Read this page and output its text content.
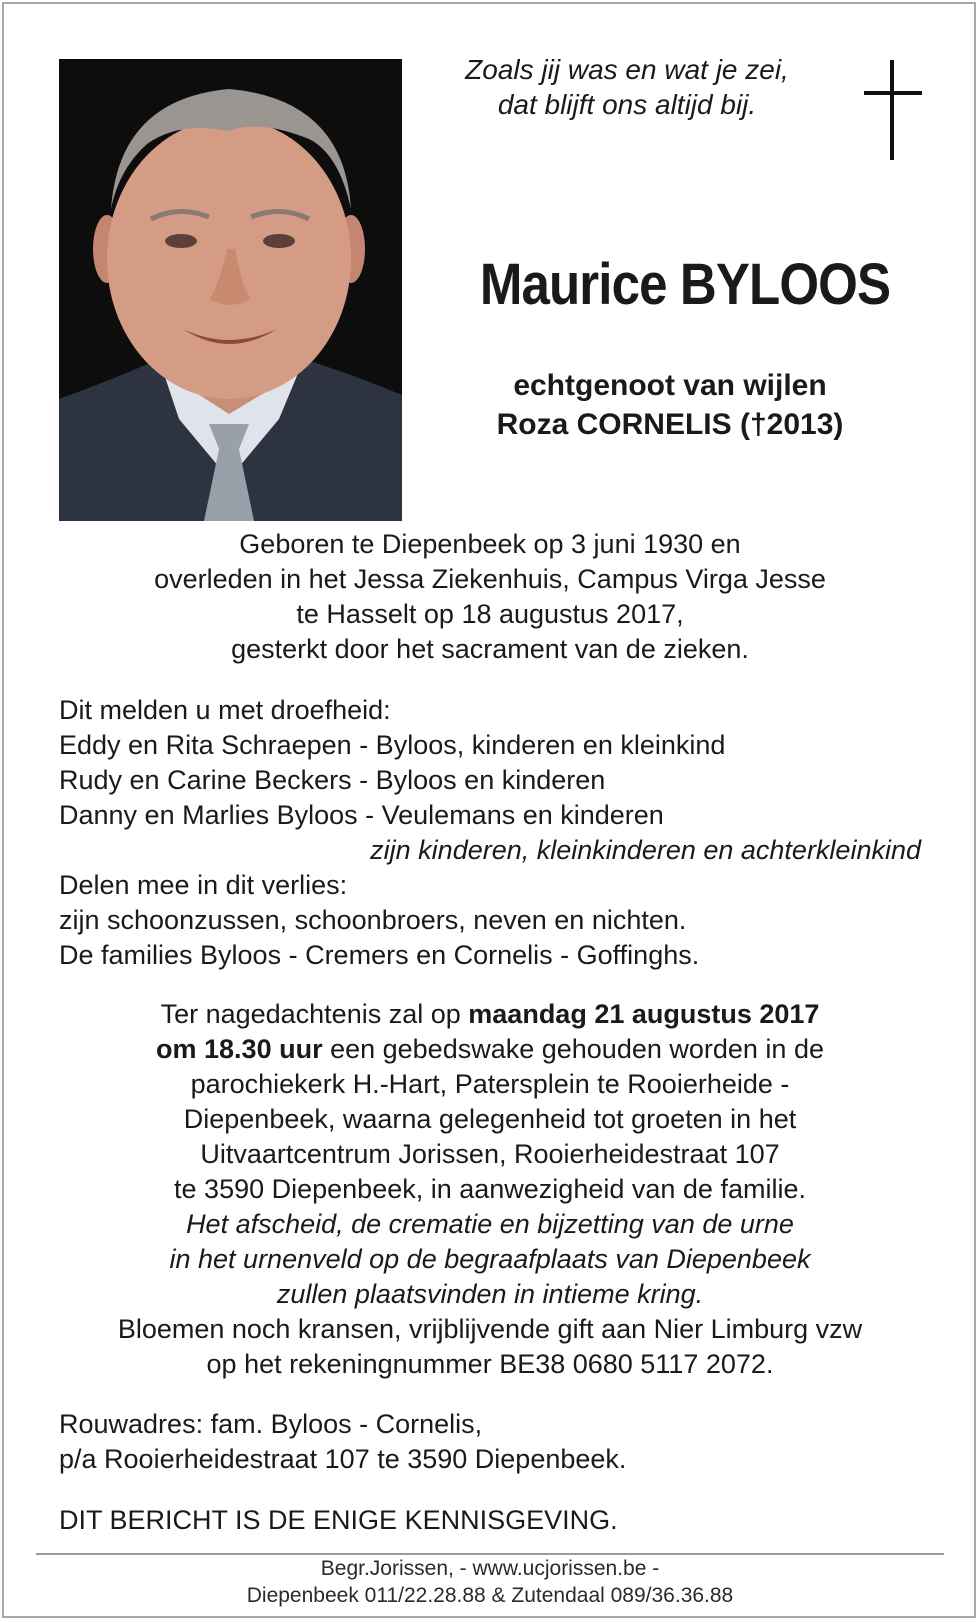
Zoals jij was en wat je zei,
dat blijft ons altijd bij.
Maurice BYLOOS
echtgenoot van wijlen
Roza CORNELIS (†2013)
Geboren te Diepenbeek op 3 juni 1930 en
overleden in het Jessa Ziekenhuis, Campus Virga Jesse
te Hasselt op 18 augustus 2017,
gesterkt door het sacrament van de zieken.
Dit melden u met droefheid:
Eddy en Rita Schraepen - Byloos, kinderen en kleinkind
Rudy en Carine Beckers - Byloos en kinderen
Danny en Marlies Byloos - Veulemans en kinderen
zijn kinderen, kleinkinderen en achterkleinkind
Delen mee in dit verlies:
zijn schoonzussen, schoonbroers, neven en nichten.
De families Byloos - Cremers en Cornelis - Goffinghs.
Ter nagedachtenis zal op maandag 21 augustus 2017
om 18.30 uur een gebedswake gehouden worden in de
parochiekerk H.-Hart, Patersplein te Rooierheide -
Diepenbeek, waarna gelegenheid tot groeten in het
Uitvaartcentrum Jorissen, Rooierheidestraat 107
te 3590 Diepenbeek, in aanwezigheid van de familie.
Het afscheid, de crematie en bijzetting van de urne
in het urnenveld op de begraafplaats van Diepenbeek
zullen plaatsvinden in intieme kring.
Bloemen noch kransen, vrijblijvende gift aan Nier Limburg vzw
op het rekeningnummer BE38 0680 5117 2072.
Rouwadres: fam. Byloos - Cornelis,
p/a Rooierheidestraat 107 te 3590 Diepenbeek.
DIT BERICHT IS DE ENIGE KENNISGEVING.
Begr.Jorissen, - www.ucjorissen.be -
Diepenbeek 011/22.28.88 & Zutendaal 089/36.36.88
